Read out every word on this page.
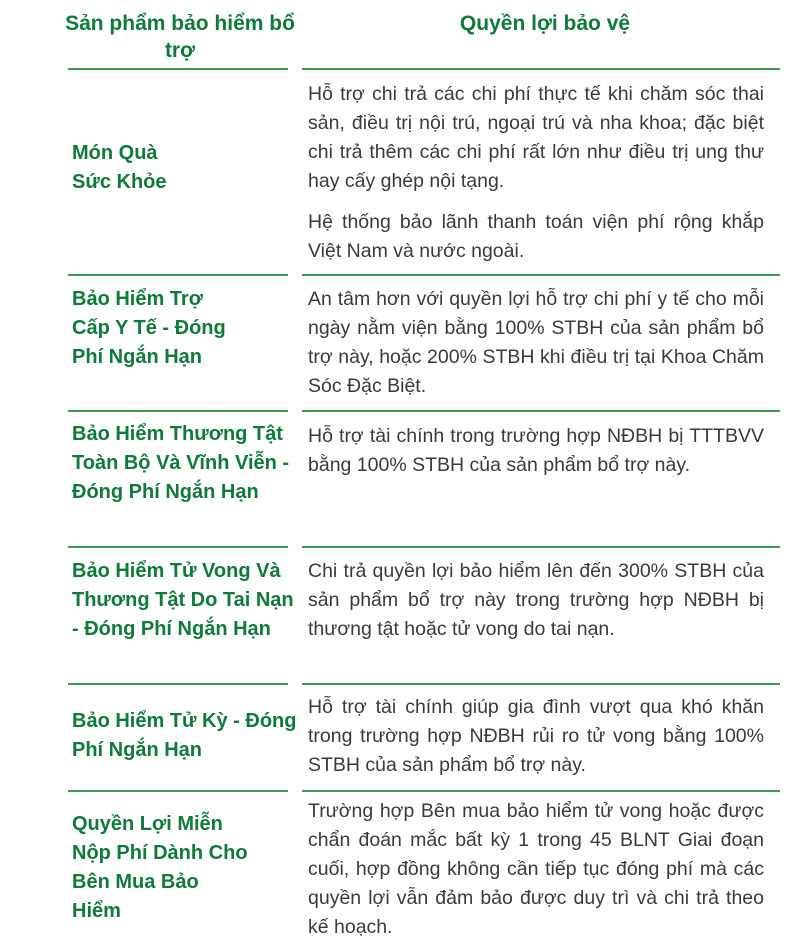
Sản phẩm bảo hiểm bổ trợ
Quyền lợi bảo vệ
Món Quà Sức Khỏe

Hỗ trợ chi trả các chi phí thực tế khi chăm sóc thai sản, điều trị nội trú, ngoại trú và nha khoa; đặc biệt chi trả thêm các chi phí rất lớn như điều trị ung thư hay cấy ghép nội tạng.

Hệ thống bảo lãnh thanh toán viện phí rộng khắp Việt Nam và nước ngoài.

Bảo Hiểm Trợ Cấp Y Tế - Đóng Phí Ngắn Hạn

An tâm hơn với quyền lợi hỗ trợ chi phí y tế cho mỗi ngày nằm viện bằng 100% STBH của sản phẩm bổ trợ này, hoặc 200% STBH khi điều trị tại Khoa Chăm Sóc Đặc Biệt.

Bảo Hiểm Thương Tật Toàn Bộ Và Vĩnh Viễn - Đóng Phí Ngắn Hạn

Hỗ trợ tài chính trong trường hợp NĐBH bị TTTBVV bằng 100% STBH của sản phẩm bổ trợ này.

Bảo Hiểm Tử Vong Và Thương Tật Do Tai Nạn - Đóng Phí Ngắn Hạn

Chi trả quyền lợi bảo hiểm lên đến 300% STBH của sản phẩm bổ trợ này trong trường hợp NĐBH bị thương tật hoặc tử vong do tai nạn.

Bảo Hiểm Tử Kỳ - Đóng Phí Ngắn Hạn

Hỗ trợ tài chính giúp gia đình vượt qua khó khăn trong trường hợp NĐBH rủi ro tử vong bằng 100% STBH của sản phẩm bổ trợ này.

Quyền Lợi Miễn Nộp Phí Dành Cho Bên Mua Bảo Hiểm

Trường hợp Bên mua bảo hiểm tử vong hoặc được chẩn đoán mắc bất kỳ 1 trong 45 BLNT Giai đoạn cuối, hợp đồng không cần tiếp tục đóng phí mà các quyền lợi vẫn đảm bảo được duy trì và chi trả theo kế hoạch.
